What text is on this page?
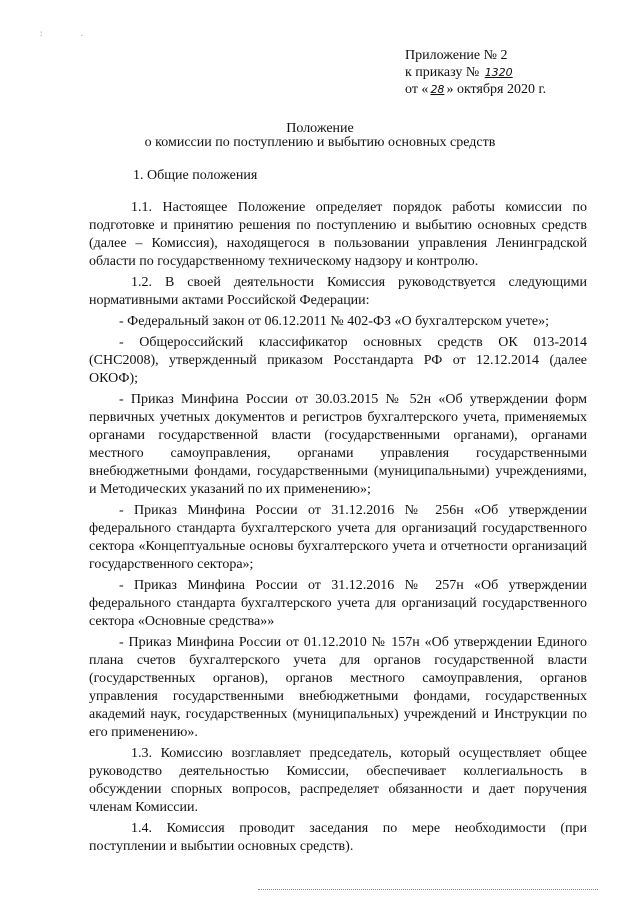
: .
Приложение № 2
к приказу № 1320
от « 28 » октября 2020 г.
Положение
о комиссии по поступлению и выбытию основных средств
1. Общие положения

1.1. Настоящее Положение определяет порядок работы комиссии по подготовке и принятию решения по поступлению и выбытию основных средств (далее – Комиссия), находящегося в пользовании управления Ленинградской области по государственному техническому надзору и контролю.

1.2. В своей деятельности Комиссия руководствуется следующими нормативными актами Российской Федерации:

- Федеральный закон от 06.12.2011 № 402-ФЗ «О бухгалтерском учете»;

- Общероссийский классификатор основных средств ОК 013-2014 (СНС2008), утвержденный приказом Росстандарта РФ от 12.12.2014 (далее ОКОФ);

- Приказ Минфина России от 30.03.2015 № 52н «Об утверждении форм первичных учетных документов и регистров бухгалтерского учета, применяемых органами государственной власти (государственными органами), органами местного самоуправления, органами управления государственными внебюджетными фондами, государственными (муниципальными) учреждениями, и Методических указаний по их применению»;

- Приказ Минфина России от 31.12.2016 № 256н «Об утверждении федерального стандарта бухгалтерского учета для организаций государственного сектора «Концептуальные основы бухгалтерского учета и отчетности организаций государственного сектора»;

- Приказ Минфина России от 31.12.2016 № 257н «Об утверждении федерального стандарта бухгалтерского учета для организаций государственного сектора «Основные средства»»

- Приказ Минфина России от 01.12.2010 № 157н «Об утверждении Единого плана счетов бухгалтерского учета для органов государственной власти (государственных органов), органов местного самоуправления, органов управления государственными внебюджетными фондами, государственных академий наук, государственных (муниципальных) учреждений и Инструкции по его применению».

1.3. Комиссию возглавляет председатель, который осуществляет общее руководство деятельностью Комиссии, обеспечивает коллегиальность в обсуждении спорных вопросов, распределяет обязанности и дает поручения членам Комиссии.

1.4. Комиссия проводит заседания по мере необходимости (при поступлении и выбытии основных средств).
